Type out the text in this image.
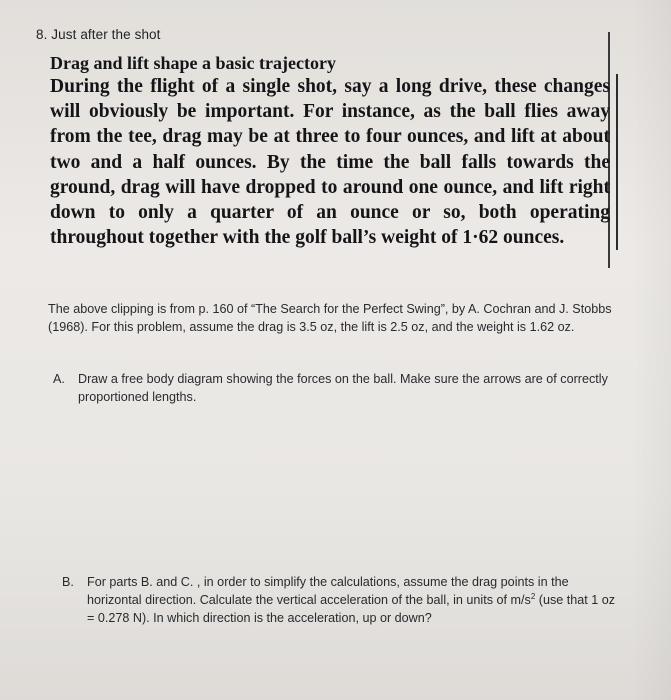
8. Just after the shot

Drag and lift shape a basic trajectory

During the flight of a single shot, say a long drive, these changes will obviously be important. For instance, as the ball flies away from the tee, drag may be at three to four ounces, and lift at about two and a half ounces. By the time the ball falls towards the ground, drag will have dropped to around one ounce, and lift right down to only a quarter of an ounce or so, both operating throughout together with the golf ball’s weight of 1·62 ounces.

The above clipping is from p. 160 of “The Search for the Perfect Swing”, by A. Cochran and J. Stobbs (1968). For this problem, assume the drag is 3.5 oz, the lift is 2.5 oz, and the weight is 1.62 oz.
A. Draw a free body diagram showing the forces on the ball. Make sure the arrows are of correctly proportioned lengths.
B. For parts B. and C. , in order to simplify the calculations, assume the drag points in the horizontal direction. Calculate the vertical acceleration of the ball, in units of $m/s^2$ (use that 1 oz = 0.278 N). In which direction is the acceleration, up or down?
